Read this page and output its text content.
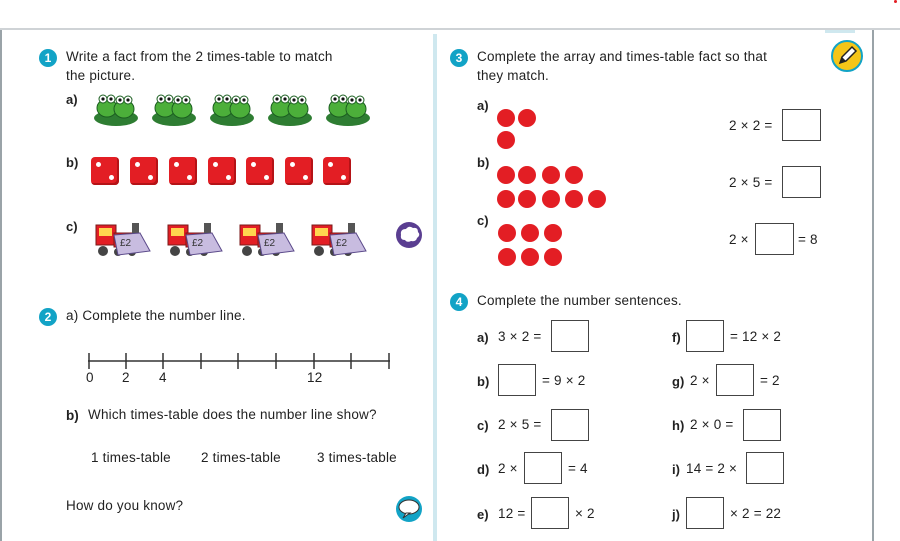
1	Write a fact from the 2 times-table to match
the picture.
a)
b)
c)
£2	£2	£2	£2
2	a) Complete the number line.
0 2 4	12
b) Which times-table does the number line show?
1 times-table 2 times-table	3 times-table
How do you know?
3	Complete the array and times-table fact so that
they match.
a)
b)
c)
2 × 2 =
2 × 5 =
2 ×	= 8
4	Complete the number sentences.
a) 3 × 2 =
b)	= 9 × 2
c) 2 × 5 =
d) 2 ×	= 4
e) 12 =	× 2
f)	= 12 × 2
g) 2 ×	= 2
h) 2 × 0 =
i) 14 = 2 ×
j)	× 2 = 22
